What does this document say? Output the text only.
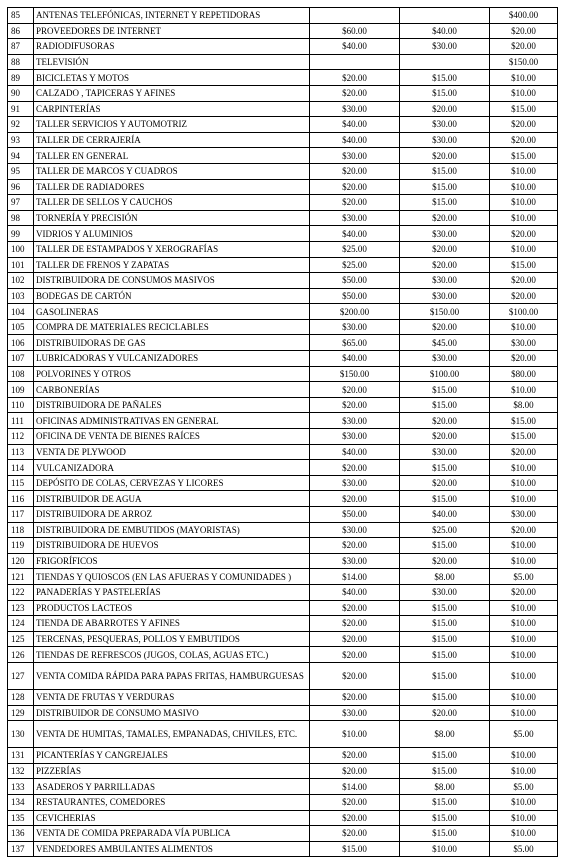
85	ANTENAS TELEFÓNICAS, INTERNET Y REPETIDORAS			$400.00
86	PROVEEDORES DE INTERNET	$60.00	$40.00	$20.00
87	RADIODIFUSORAS	$40.00	$30.00	$20.00
88	TELEVISIÓN			$150.00
89	BICICLETAS Y MOTOS	$20.00	$15.00	$10.00
90	CALZADO , TAPICERAS Y AFINES	$20.00	$15.00	$10.00
91	CARPINTERÍAS	$30.00	$20.00	$15.00
92	TALLER SERVICIOS Y AUTOMOTRIZ	$40.00	$30.00	$20.00
93	TALLER DE CERRAJERÍA	$40.00	$30.00	$20.00
94	TALLER EN GENERAL	$30.00	$20.00	$15.00
95	TALLER DE MARCOS Y CUADROS	$20.00	$15.00	$10.00
96	TALLER DE RADIADORES	$20.00	$15.00	$10.00
97	TALLER DE SELLOS Y CAUCHOS	$20.00	$15.00	$10.00
98	TORNERÍA Y PRECISIÓN	$30.00	$20.00	$10.00
99	VIDRIOS Y ALUMINIOS	$40.00	$30.00	$20.00
100	TALLER DE ESTAMPADOS Y XEROGRAFÍAS	$25.00	$20.00	$10.00
101	TALLER DE FRENOS Y ZAPATAS	$25.00	$20.00	$15.00
102	DISTRIBUIDORA DE CONSUMOS MASIVOS	$50.00	$30.00	$20.00
103	BODEGAS DE CARTÓN	$50.00	$30.00	$20.00
104	GASOLINERAS	$200.00	$150.00	$100.00
105	COMPRA DE MATERIALES RECICLABLES	$30.00	$20.00	$10.00
106	DISTRIBUIDORAS DE GAS	$65.00	$45.00	$30.00
107	LUBRICADORAS Y VULCANIZADORES	$40.00	$30.00	$20.00
108	POLVORINES Y OTROS	$150.00	$100.00	$80.00
109	CARBONERÍAS	$20.00	$15.00	$10.00
110	DISTRIBUIDORA DE PAÑALES	$20.00	$15.00	$8.00
111	OFICINAS ADMINISTRATIVAS EN GENERAL	$30.00	$20.00	$15.00
112	OFICINA DE VENTA DE BIENES RAÍCES	$30.00	$20.00	$15.00
113	VENTA DE PLYWOOD	$40.00	$30.00	$20.00
114	VULCANIZADORA	$20.00	$15.00	$10.00
115	DEPÓSITO DE COLAS, CERVEZAS Y LICORES	$30.00	$20.00	$10.00
116	DISTRIBUIDOR DE AGUA	$20.00	$15.00	$10.00
117	DISTRIBUIDORA DE ARROZ	$50.00	$40.00	$30.00
118	DISTRIBUIDORA DE EMBUTIDOS (MAYORISTAS)	$30.00	$25.00	$20.00
119	DISTRIBUIDORA DE HUEVOS	$20.00	$15.00	$10.00
120	FRIGORÍFICOS	$30.00	$20.00	$10.00
121	TIENDAS Y QUIOSCOS (EN LAS AFUERAS Y COMUNIDADES )	$14.00	$8.00	$5.00
122	PANADERÍAS Y PASTELERÍAS	$40.00	$30.00	$20.00
123	PRODUCTOS LACTEOS	$20.00	$15.00	$10.00
124	TIENDA DE ABARROTES Y AFINES	$20.00	$15.00	$10.00
125	TERCENAS, PESQUERAS, POLLOS Y EMBUTIDOS	$20.00	$15.00	$10.00
126	TIENDAS DE REFRESCOS (JUGOS, COLAS, AGUAS ETC.)	$20.00	$15.00	$10.00
127	VENTA COMIDA RÁPIDA PARA PAPAS FRITAS, HAMBURGUESAS	$20.00	$15.00	$10.00
128	VENTA DE FRUTAS Y VERDURAS	$20.00	$15.00	$10.00
129	DISTRIBUIDOR DE CONSUMO MASIVO	$30.00	$20.00	$10.00
130	VENTA DE HUMITAS, TAMALES, EMPANADAS, CHIVILES, ETC.	$10.00	$8.00	$5.00
131	PICANTERÍAS Y CANGREJALES	$20.00	$15.00	$10.00
132	PIZZERÍAS	$20.00	$15.00	$10.00
133	ASADEROS Y PARRILLADAS	$14.00	$8.00	$5.00
134	RESTAURANTES, COMEDORES	$20.00	$15.00	$10.00
135	CEVICHERIAS	$20.00	$15.00	$10.00
136	VENTA DE COMIDA PREPARADA VÍA PUBLICA	$20.00	$15.00	$10.00
137	VENDEDORES AMBULANTES ALIMENTOS	$15.00	$10.00	$5.00
